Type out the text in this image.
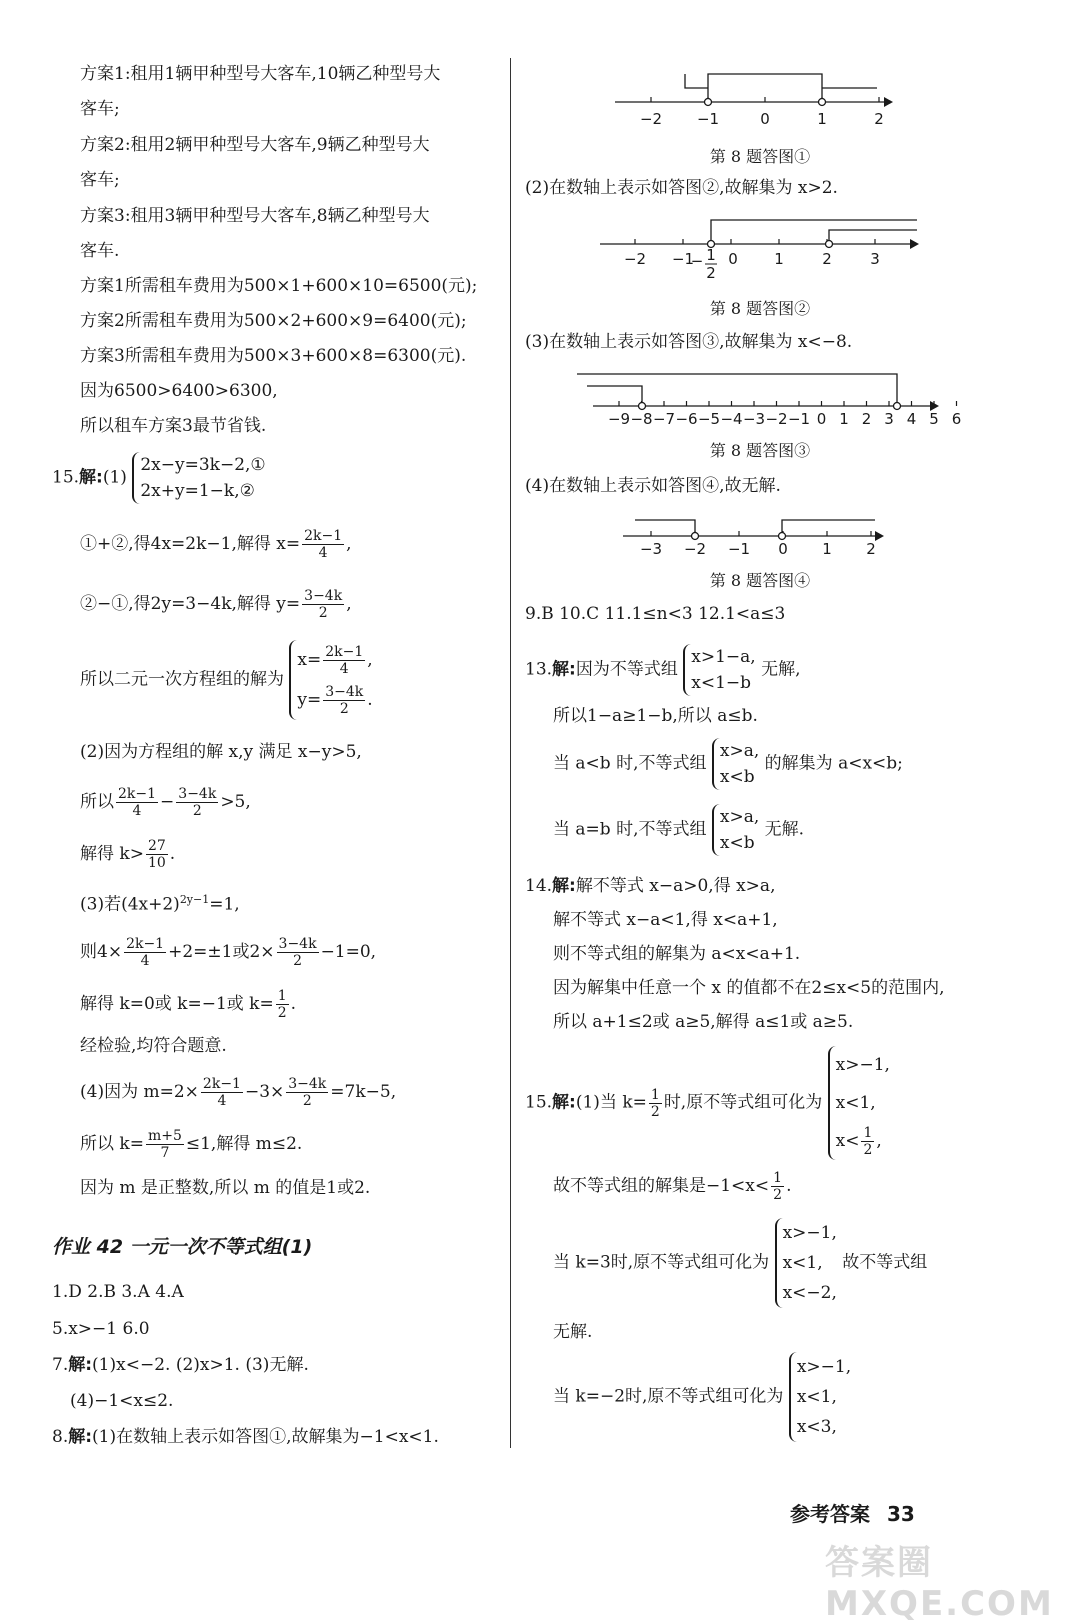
方案1:租用1辆甲种型号大客车,10辆乙种型号大
客车;
方案2:租用2辆甲种型号大客车,9辆乙种型号大
客车;
方案3:租用3辆甲种型号大客车,8辆乙种型号大
客车.
方案1所需租车费用为500×1+600×10=6500(元);
方案2所需租车费用为500×2+600×9=6400(元);
方案3所需租车费用为500×3+600×8=6300(元).
因为6500>6400>6300,
所以租车方案3最节省钱.
15.解:(1)
2x−y=3k−2,①
2x+y=1−k,②
①+②,得4x=2k−1,解得 $x= \frac{2k-1}{4}$ ,
②−①,得2y=3−4k,解得 $y= \frac{3-4k}{2}$ ,
所以二元一次方程组的解为
$x= \frac{2k-1}{4}$ ,
$y= \frac{3-4k}{2}$ .
(2)因为方程组的解 x,y 满足 x−y>5,
所以 $\frac{2k-1}{4} - \frac{3-4k}{2} >5$,
解得 $k> \frac{27}{10}$ .
(3)若$(4x+2)^{2y-1}=1$,
则$4\times \frac{2k-1}{4} +2=\pm 1$或$2\times \frac{3-4k}{2} -1=0$,
解得 k=0或 k=−1或 $k= \frac{1}{2}$ .
经检验,均符合题意.
(4)因为 $m=2\times \frac{2k-1}{4} -3\times \frac{3-4k}{2} =7k-5$,
所以 $k= \frac{m+5}{7} \le 1$,解得 m≤2.
因为 m 是正整数,所以 m 的值是1或2.
作业 42 一元一次不等式组(1)
1.D 2.B 3.A 4.A
5.x>−1 6.0
7.解:(1)x<−2. (2)x>1. (3)无解.
(4)−1<x≤2.
8.解:(1)在数轴上表示如答图①,故解集为−1<x<1.
−2 −1	0	1	2
第 8 题答图①
(2)在数轴上表示如答图②,故解集为 x>2.
−2 −1 0 1	2	3
− 1
2
第 8 题答图②
(3)在数轴上表示如答图③,故解集为 x<−8.
−9 −8 −7 −6 −5 −4 −3 −2 −1 0 1 2 3 4 5 6
第 8 题答图③
(4)在数轴上表示如答图④,故无解.
−3 −2 −1 0 1 2
第 8 题答图④
9.B 10.C 11.1≤n<3 12.1<a≤3
13.解:因为不等式组
x>1−a,
x<1−b
无解,
所以1−a≥1−b,所以 a≤b.
当 a<b 时,不等式组
x>a,
x<b
的解集为 a<x<b;
当 a=b 时,不等式组
x>a,
x<b
无解.
14.解:解不等式 x−a>0,得 x>a,
解不等式 x−a<1,得 x<a+1,
则不等式组的解集为 a<x<a+1.
因为解集中任意一个 x 的值都不在2≤x<5的范围内,
所以 a+1≤2或 a≥5,解得 a≤1或 a≥5.
15.解:(1)当 $k= \frac{1}{2}$ 时,原不等式组可化为
x>−1,
x<1,
$x< \frac{1}{2}$ ,
故不等式组的解集是$-1<x< \frac{1}{2}$ .
当 k=3时,原不等式组可化为
x>−1,
x<1,
x<−2,
故不等式组
无解.
当 k=−2时,原不等式组可化为
x>−1,
x<1,
x<3,
参考答案 33
答案圈 MXQE.COM
